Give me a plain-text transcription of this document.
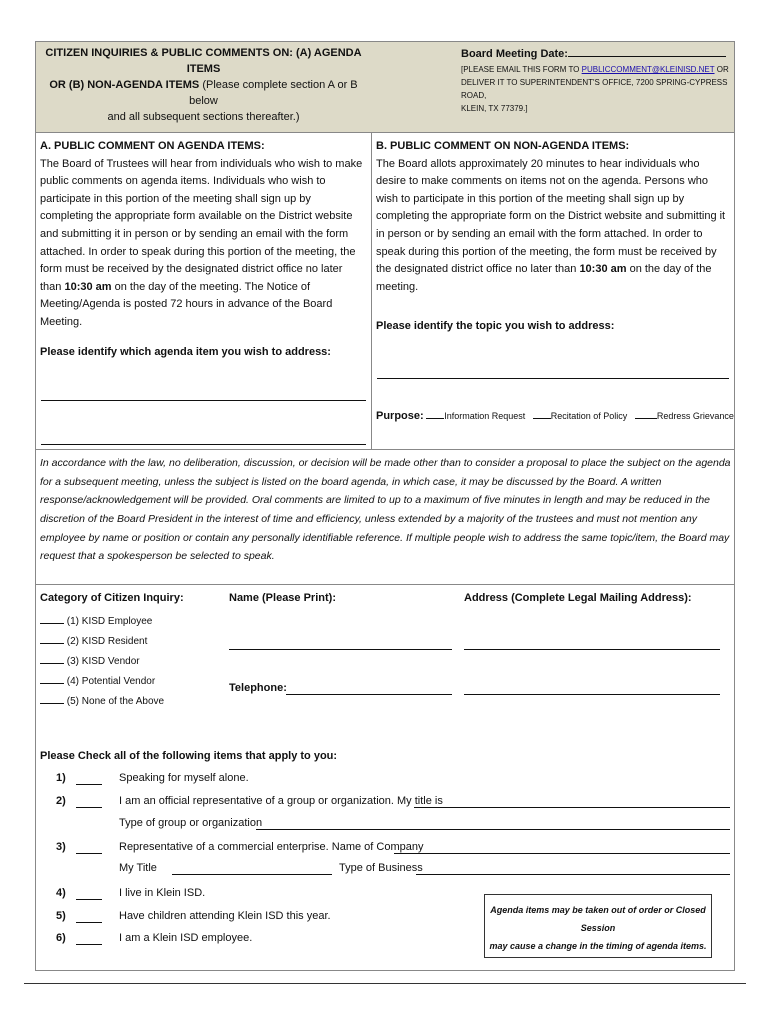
CITIZEN INQUIRIES & PUBLIC COMMENTS ON: (A) AGENDA ITEMS
OR (B) NON-AGENDA ITEMS (Please complete section A or B below
and all subsequent sections thereafter.)
Board Meeting Date:
[PLEASE EMAIL THIS FORM TO PUBLICCOMMENT@KLEINISD.NET OR
DELIVER IT TO SUPERINTENDENT'S OFFICE, 7200 SPRING-CYPRESS ROAD,
KLEIN, TX 77379.]
A. PUBLIC COMMENT ON AGENDA ITEMS:
The Board of Trustees will hear from individuals who wish to make public comments on agenda items. Individuals who wish to participate in this portion of the meeting shall sign up by completing the appropriate form available on the District website and submitting it in person or by sending an email with the form attached. In order to speak during this portion of the meeting, the form must be received by the designated district office no later than 10:30 am on the day of the meeting. The Notice of Meeting/Agenda is posted 72 hours in advance of the Board Meeting.
Please identify which agenda item you wish to address:
B. PUBLIC COMMENT ON NON-AGENDA ITEMS:
The Board allots approximately 20 minutes to hear individuals who desire to make comments on items not on the agenda. Persons who wish to participate in this portion of the meeting shall sign up by completing the appropriate form on the District website and submitting it in person or by sending an email with the form attached. In order to speak during this portion of the meeting, the form must be received by the designated district office no later than 10:30 am on the day of the meeting.
Please identify the topic you wish to address:
Purpose: Information Request	Recitation of Policy	Redress Grievance
In accordance with the law, no deliberation, discussion, or decision will be made other than to consider a proposal to place the subject on the agenda for a subsequent meeting, unless the subject is listed on the board agenda, in which case, it may be discussed by the Board. A written response/acknowledgement will be provided. Oral comments are limited to up to a maximum of five minutes in length and may be reduced in the discretion of the Board President in the interest of time and efficiency, unless extended by a majority of the trustees and must not mention any employee by name or position or contain any personally identifiable reference. If multiple people wish to address the same topic/item, the Board may request that a spokesperson be selected to speak.
Category of Citizen Inquiry:
(1) KISD Employee
(2) KISD Resident
(3) KISD Vendor
(4) Potential Vendor
(5) None of the Above
Name (Please Print):	Address (Complete Legal Mailing Address):
Telephone:
Please Check all of the following items that apply to you:
1)	Speaking for myself alone.
2)	I am an official representative of a group or organization. My title is
Type of group or organization
3)	Representative of a commercial enterprise. Name of Company
My Title	Type of Business
4)	I live in Klein ISD.
5)	Have children attending Klein ISD this year.
6)	I am a Klein ISD employee.
Agenda items may be taken out of order or Closed Session
may cause a change in the timing of agenda items.
